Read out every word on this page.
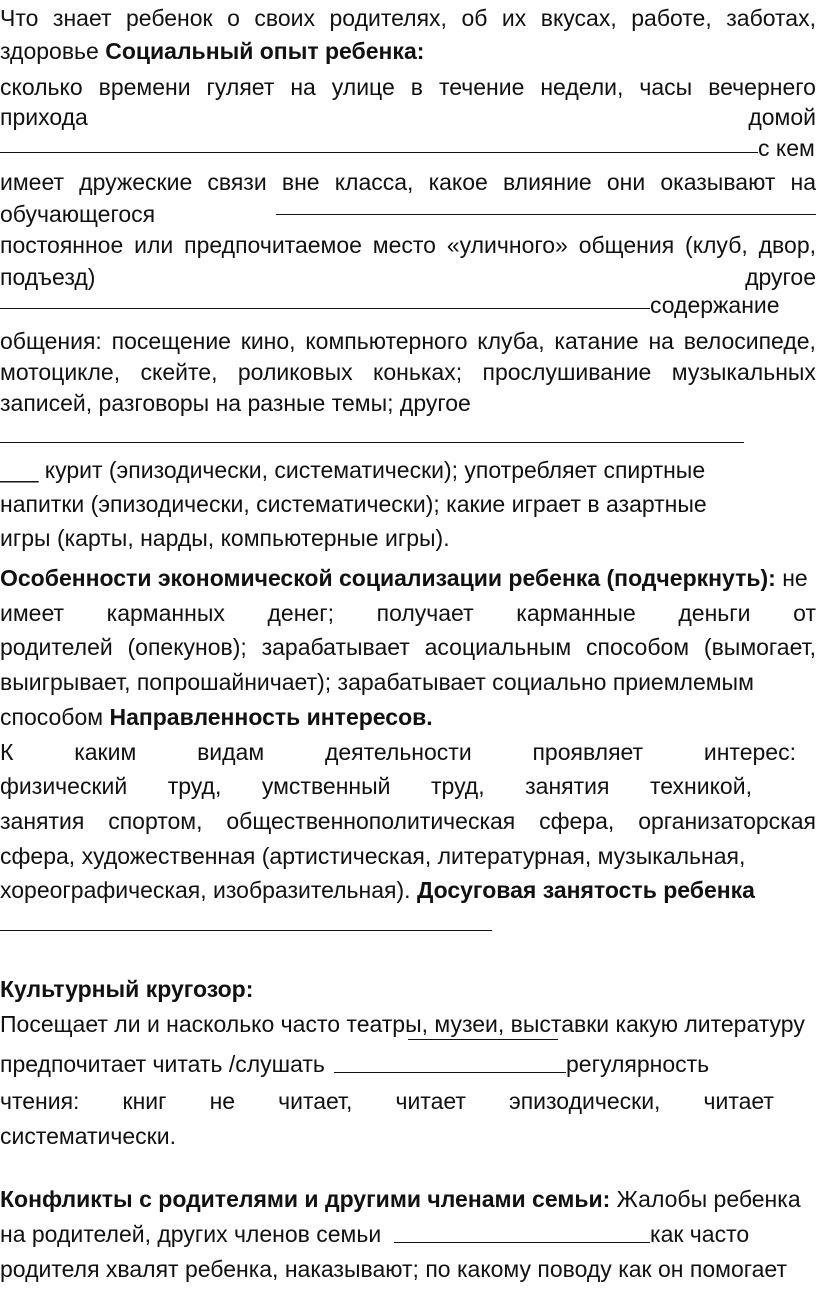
Что знает ребенок о своих родителях, об их вкусах, работе, заботах,
здоровье Социальный опыт ребенка:
сколько времени гуляет на улице в течение недели, часы вечернего
прихода	домой
с кем
имеет дружеские связи вне класса, какое влияние они оказывают на
обучающегося
постоянное или предпочитаемое место «уличного» общения (клуб, двор,
подъезд)	другое
содержание
общения: посещение кино, компьютерного клуба, катание на велосипеде,
мотоцикле, скейте, роликовых коньках; прослушивание музыкальных
записей, разговоры на разные темы; другое
___ курит (эпизодически, систематически); употребляет спиртные
напитки (эпизодически, систематически); какие играет в азартные
игры (карты, нарды, компьютерные игры).
Особенности экономической социализации ребенка (подчеркнуть): не
имеет карманных денег; получает карманные деньги от
родителей (опекунов); зарабатывает асоциальным способом (вымогает,
выигрывает, попрошайничает); зарабатывает социально приемлемым
способом Направленность интересов.
К	каким	видам	деятельности	проявляет	интерес:
физический труд, умственный труд, занятия техникой,
занятия спортом, общественнополитическая сфера, организаторская
сфера, художественная (артистическая, литературная, музыкальная,
хореографическая, изобразительная). Досуговая занятость ребенка
Культурный кругозор:
Посещает ли и насколько часто театры, музеи, выставки какую литературу
предпочитает читать /слушать	регулярность
чтения: книг не читает, читает эпизодически, читает
систематически.
Конфликты с родителями и другими членами семьи: Жалобы ребенка
на родителей, других членов семьи	как часто
родителя хвалят ребенка, наказывают; по какому поводу как он помогает
